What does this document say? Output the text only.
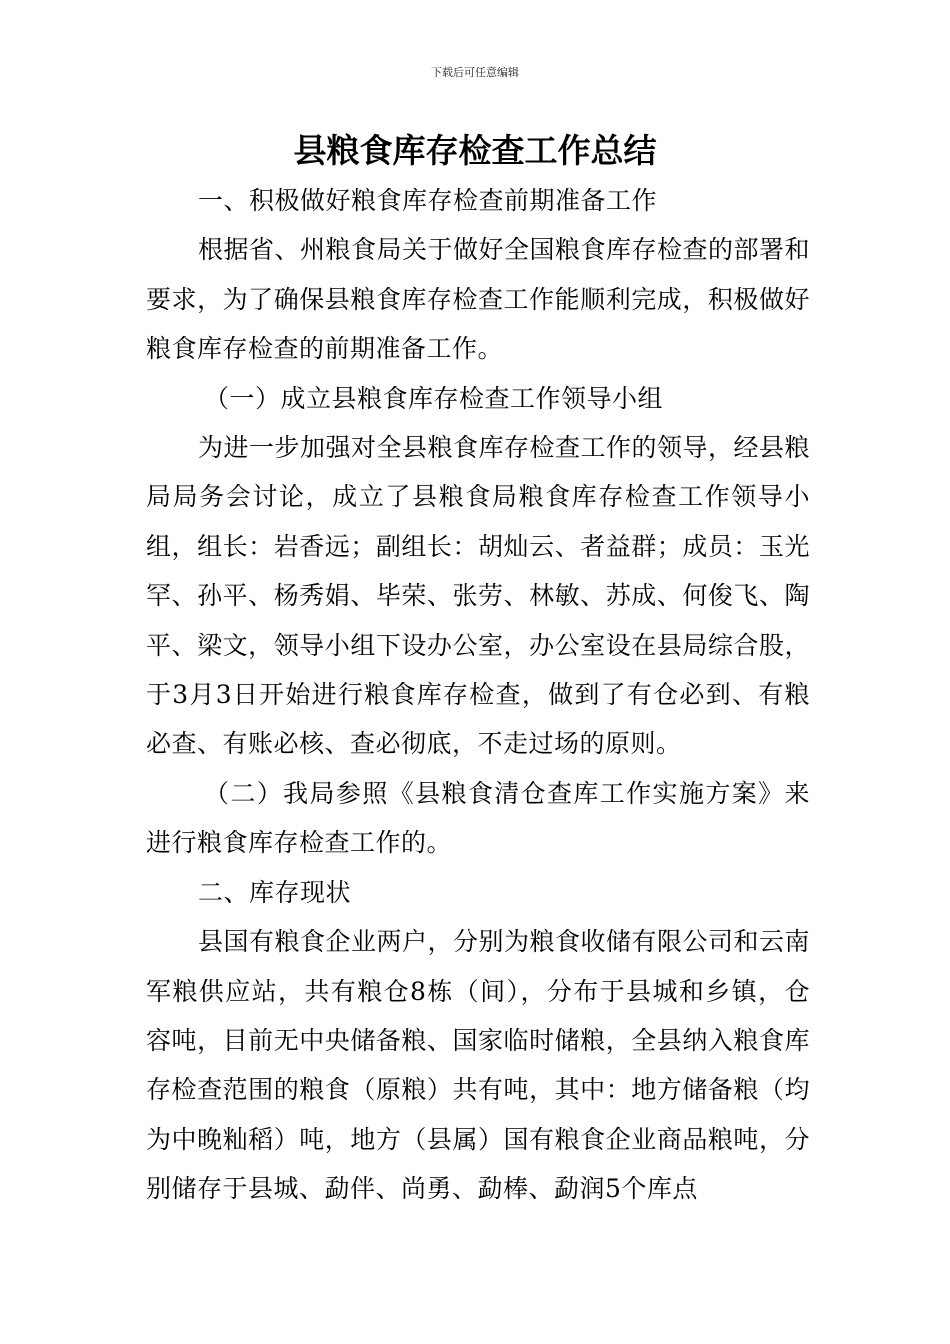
下载后可任意编辑
县粮食库存检查工作总结

一、积极做好粮食库存检查前期准备工作

根据省、州粮食局关于做好全国粮食库存检查的部署和要求，为了确保县粮食库存检查工作能顺利完成，积极做好粮食库存检查的前期准备工作。

（一）成立县粮食库存检查工作领导小组

为进一步加强对全县粮食库存检查工作的领导，经县粮局局务会讨论，成立了县粮食局粮食库存检查工作领导小组，组长：岩香远；副组长：胡灿云、者益群；成员：玉光罕、孙平、杨秀娟、毕荣、张劳、林敏、苏成、何俊飞、陶平、梁文，领导小组下设办公室，办公室设在县局综合股，于3月3日开始进行粮食库存检查，做到了有仓必到、有粮必查、有账必核、查必彻底，不走过场的原则。

（二）我局参照《县粮食清仓查库工作实施方案》来进行粮食库存检查工作的。

二、库存现状

县国有粮食企业两户，分别为粮食收储有限公司和云南军粮供应站，共有粮仓8栋（间），分布于县城和乡镇，仓容吨，目前无中央储备粮、国家临时储粮，全县纳入粮食库存检查范围的粮食（原粮）共有吨，其中：地方储备粮（均为中晚籼稻）吨，地方（县属）国有粮食企业商品粮吨，分别储存于县城、勐伴、尚勇、勐棒、勐润5个库点
